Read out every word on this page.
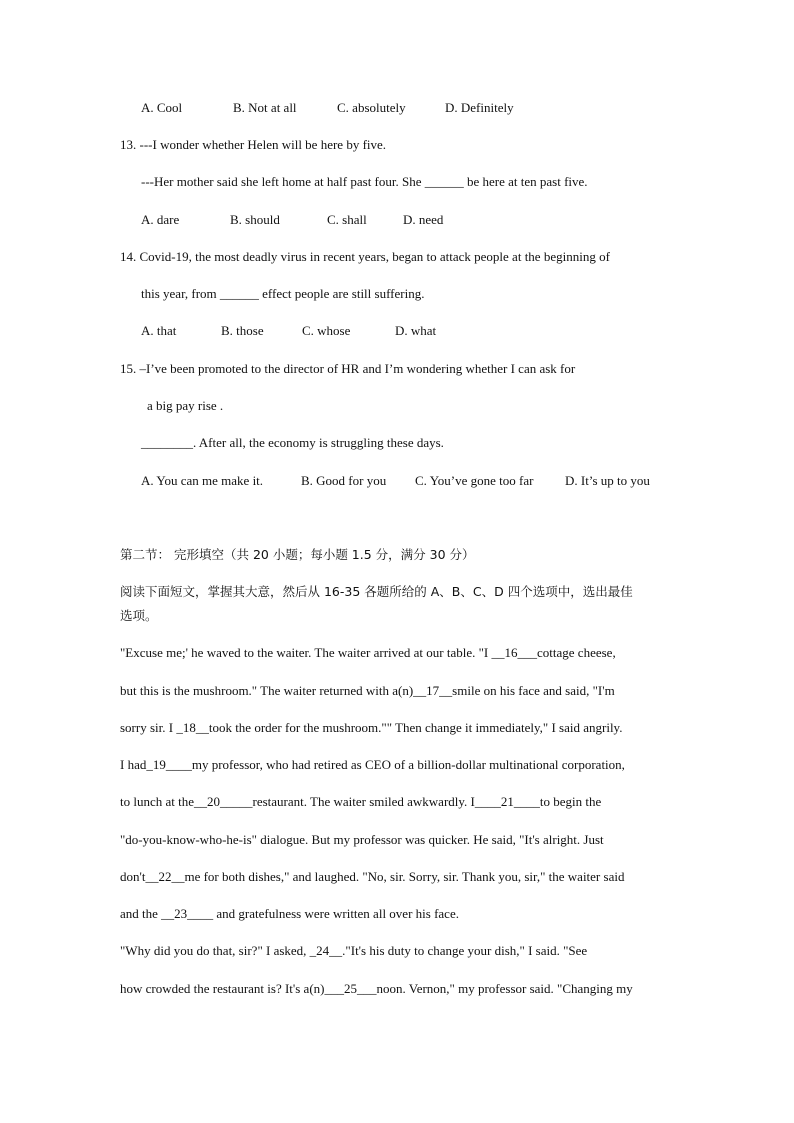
A. Cool	B. Not at all	C. absolutely	D. Definitely
13. ---I wonder whether Helen will be here by five.
---Her mother said she left home at half past four. She ______ be here at ten past five.
A. dare	B. should	C. shall	D. need
14. Covid-19, the most deadly virus in recent years, began to attack people at the beginning of
this year, from ______ effect people are still suffering.
A. that	B. those	C. whose	D. what
15. –I’ve been promoted to the director of HR and I’m wondering whether I can ask for
a big pay rise .
________. After all, the economy is struggling these days.
A. You can me make it.	B. Good for you C. You’ve gone too far D. It’s up to you
第二节： 完形填空（共 20 小题；每小题 1.5 分，满分 30 分）
阅读下面短文，掌握其大意，然后从 16-35 各题所给的 A、B、C、D 四个选项中，选出最佳
选项。
"Excuse me;' he waved to the waiter. The waiter arrived at our table. "I __16___cottage cheese,
but this is the mushroom." The waiter returned with a(n)__17__smile on his face and said, "I'm
sorry sir. I _18__took the order for the mushroom."" Then change it immediately," I said angrily.
I had_19____my professor, who had retired as CEO of a billion-dollar multinational corporation,
to lunch at the__20_____restaurant. The waiter smiled awkwardly. I____21____to begin the
"do-you-know-who-he-is" dialogue. But my professor was quicker. He said, "It's alright. Just
don't__22__me for both dishes," and laughed. "No, sir. Sorry, sir. Thank you, sir," the waiter said
and the __23____ and gratefulness were written all over his face.
"Why did you do that, sir?" I asked, _24__."It's his duty to change your dish," I said. "See
how crowded the restaurant is? It's a(n)___25___noon. Vernon," my professor said. "Changing my
